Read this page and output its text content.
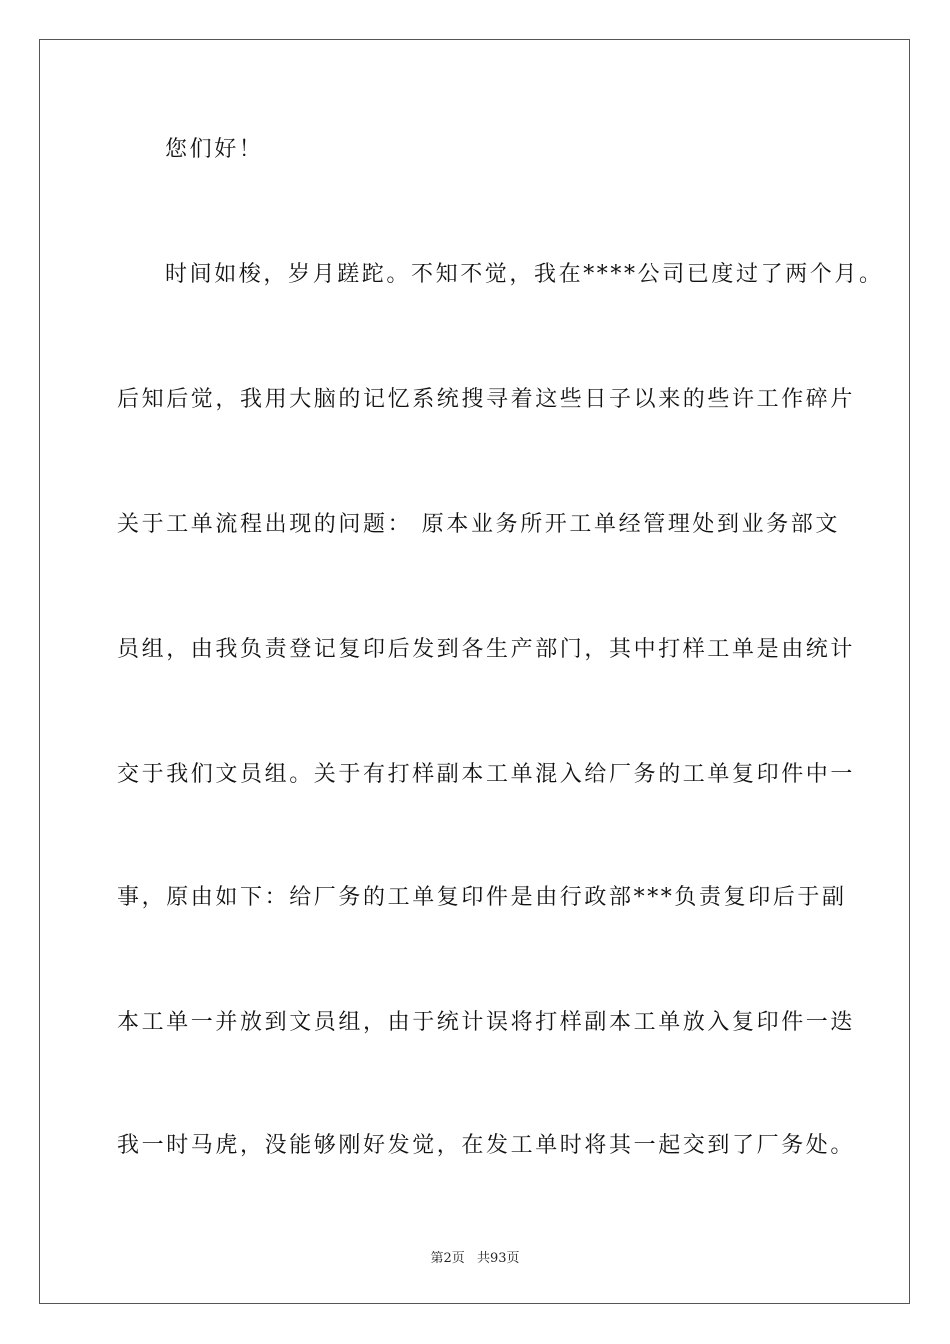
您们好！
时间如梭，岁月蹉跎。不知不觉，我在****公司已度过了两个月。
后知后觉，我用大脑的记忆系统搜寻着这些日子以来的些许工作碎片
关于工单流程出现的问题： 原本业务所开工单经管理处到业务部文
员组，由我负责登记复印后发到各生产部门，其中打样工单是由统计
交于我们文员组。关于有打样副本工单混入给厂务的工单复印件中一
事，原由如下：给厂务的工单复印件是由行政部***负责复印后于副
本工单一并放到文员组，由于统计误将打样副本工单放入复印件一迭
我一时马虎，没能够刚好发觉，在发工单时将其一起交到了厂务处。
第2页 共93页
